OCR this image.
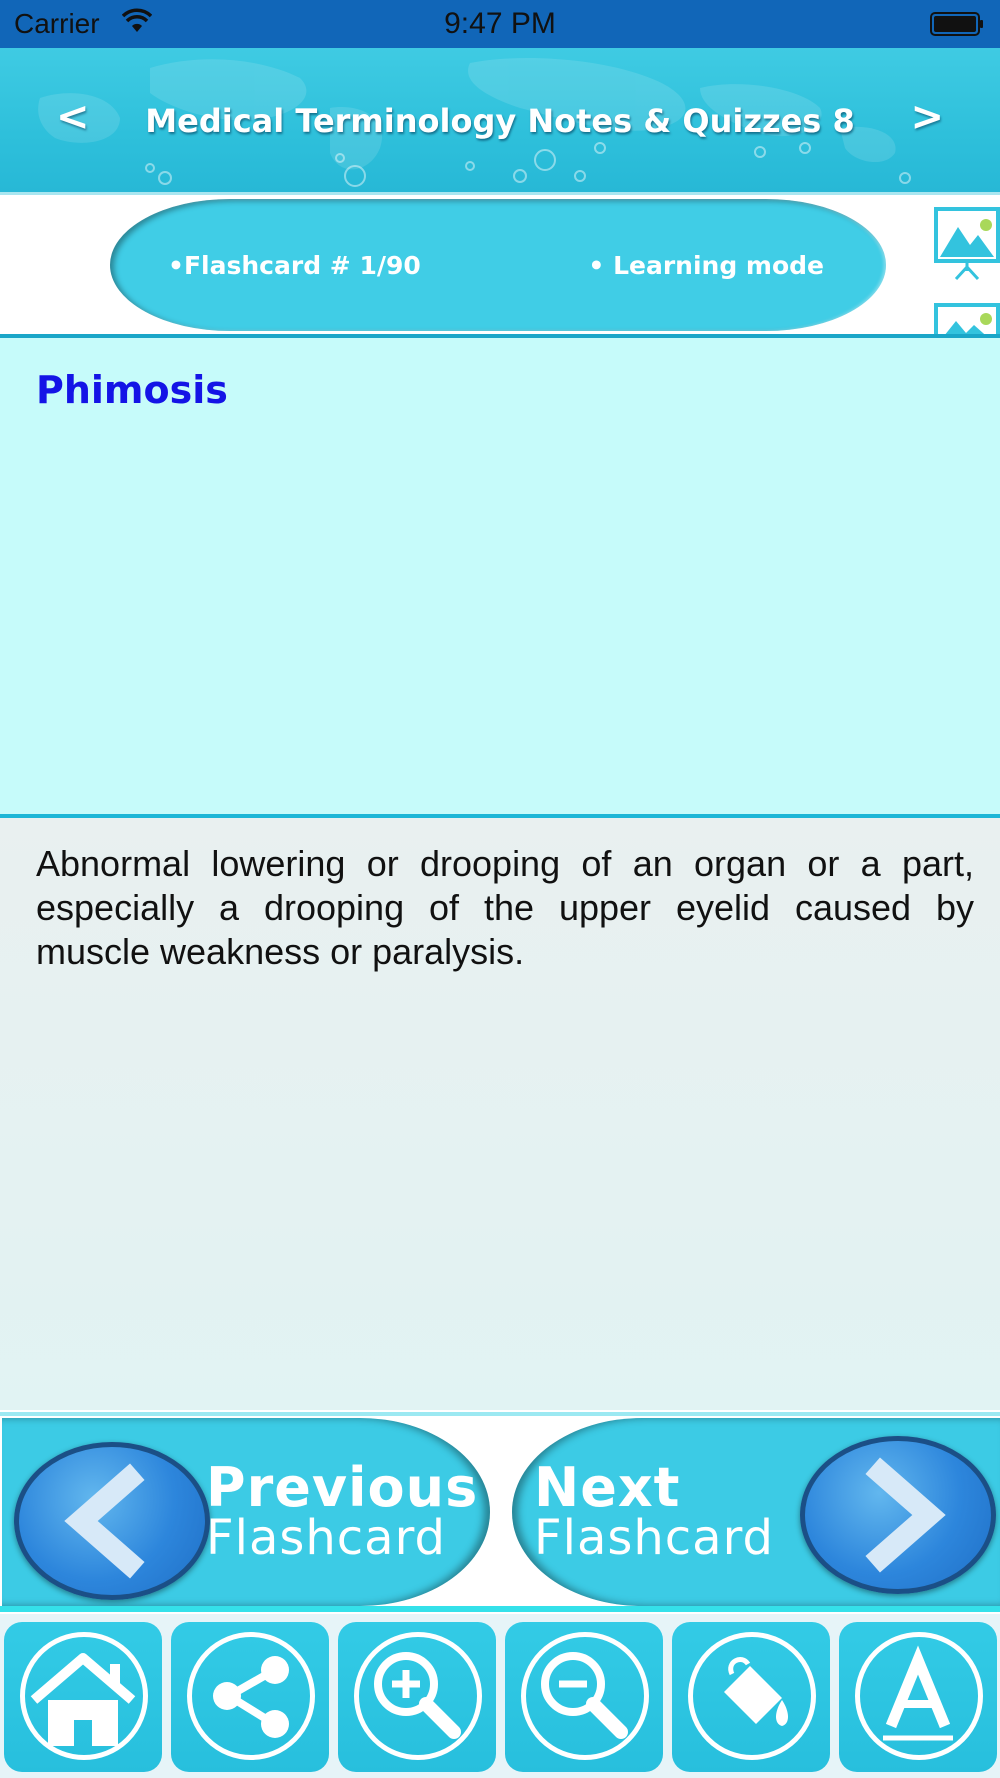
Carrier	9:47 PM
<	Medical Terminology Notes & Quizzes 8	>
•Flashcard # 1/90	• Learning mode
Phimosis
Abnormal lowering or drooping of an organ or a part, especially a drooping of the upper eyelid caused by muscle weakness or paralysis.
Previous
Flashcard
Next
Flashcard
